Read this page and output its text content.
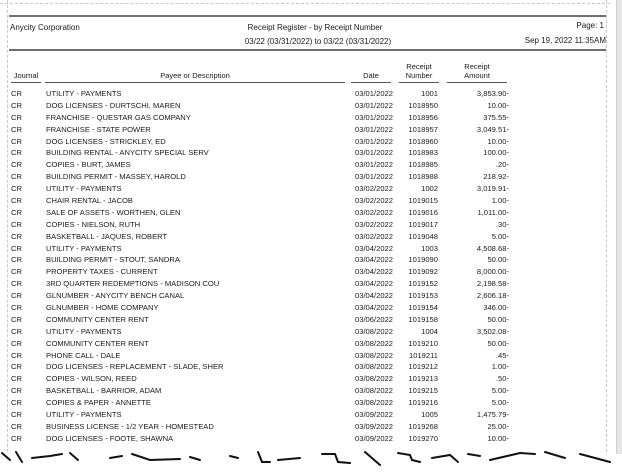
Anycity Corporation	Receipt Register - by Receipt Number
03/22 (03/31/2022) to 03/22 (03/31/2022)
Page: 1
Sep 19, 2022 11:35AM
Journal	Payee or Description	Date
Receipt
Number
Receipt
Amount
CR	UTILITY - PAYMENTS	03/01/2022	1001	3,853.90-
CR	DOG LICENSES - DURTSCHI, MAREN	03/01/2022	1018950	10.00-
CR	FRANCHISE - QUESTAR GAS COMPANY	03/01/2022	1018956	375.55-
CR	FRANCHISE - STATE POWER	03/01/2022	1018957	3,049.51-
CR	DOG LICENSES - STRICKLEY, ED	03/01/2022	1018960	10.00-
CR	BUILDING RENTAL - ANYCITY SPECIAL SERV	03/01/2022	1018983	100.00-
CR	COPIES - BURT, JAMES	03/01/2022	1018985	.20-
CR	BUILDING PERMIT - MASSEY, HAROLD	03/01/2022	1018988	218.92-
CR	UTILITY - PAYMENTS	03/02/2022	1002	3,019.91-
CR	CHAIR RENTAL - JACOB	03/02/2022	1019015	1.00-
CR	SALE OF ASSETS - WORTHEN, GLEN	03/02/2022	1019016	1,011.00-
CR	COPIES - NIELSON, RUTH	03/02/2022	1019017	.30-
CR	BASKETBALL - JAQUES, ROBERT	03/02/2022	1019048	5.00-
CR	UTILITY - PAYMENTS	03/04/2022	1003	4,508.68-
CR	BUILDING PERMIT - STOUT, SANDRA	03/04/2022	1019090	50.00-
CR	PROPERTY TAXES - CURRENT	03/04/2022	1019092	8,000.00-
CR	3RD QUARTER REDEMPTIONS - MADISON COU	03/04/2022	1019152	2,198.58-
CR	GLNUMBER - ANYCITY BENCH CANAL	03/04/2022	1019153	2,606.18-
CR	GLNUMBER - HOME COMPANY	03/04/2022	1019154	346.00-
CR	COMMUNITY CENTER RENT	03/06/2022	1019158	50.00-
CR	UTILITY - PAYMENTS	03/08/2022	1004	3,502.08-
CR	COMMUNITY CENTER RENT	03/08/2022	1019210	50.00-
CR	PHONE CALL - DALE	03/08/2022	1019211	.45-
CR	DOG LICENSES - REPLACEMENT - SLADE, SHER	03/08/2022	1019212	1.00-
CR	COPIES - WILSON, REED	03/08/2022	1019213	.50-
CR	BASKETBALL - BARRIOR, ADAM	03/08/2022	1019215	5.00-
CR	COPIES & PAPER - ANNETTE	03/08/2022	1019216	5.00-
CR	UTILITY - PAYMENTS	03/09/2022	1005	1,475.79-
CR	BUSINESS LICENSE - 1/2 YEAR - HOMESTEAD	03/09/2022	1019268	25.00-
CR	DOG LICENSES - FOOTE, SHAWNA	03/09/2022	1019270	10.00-
